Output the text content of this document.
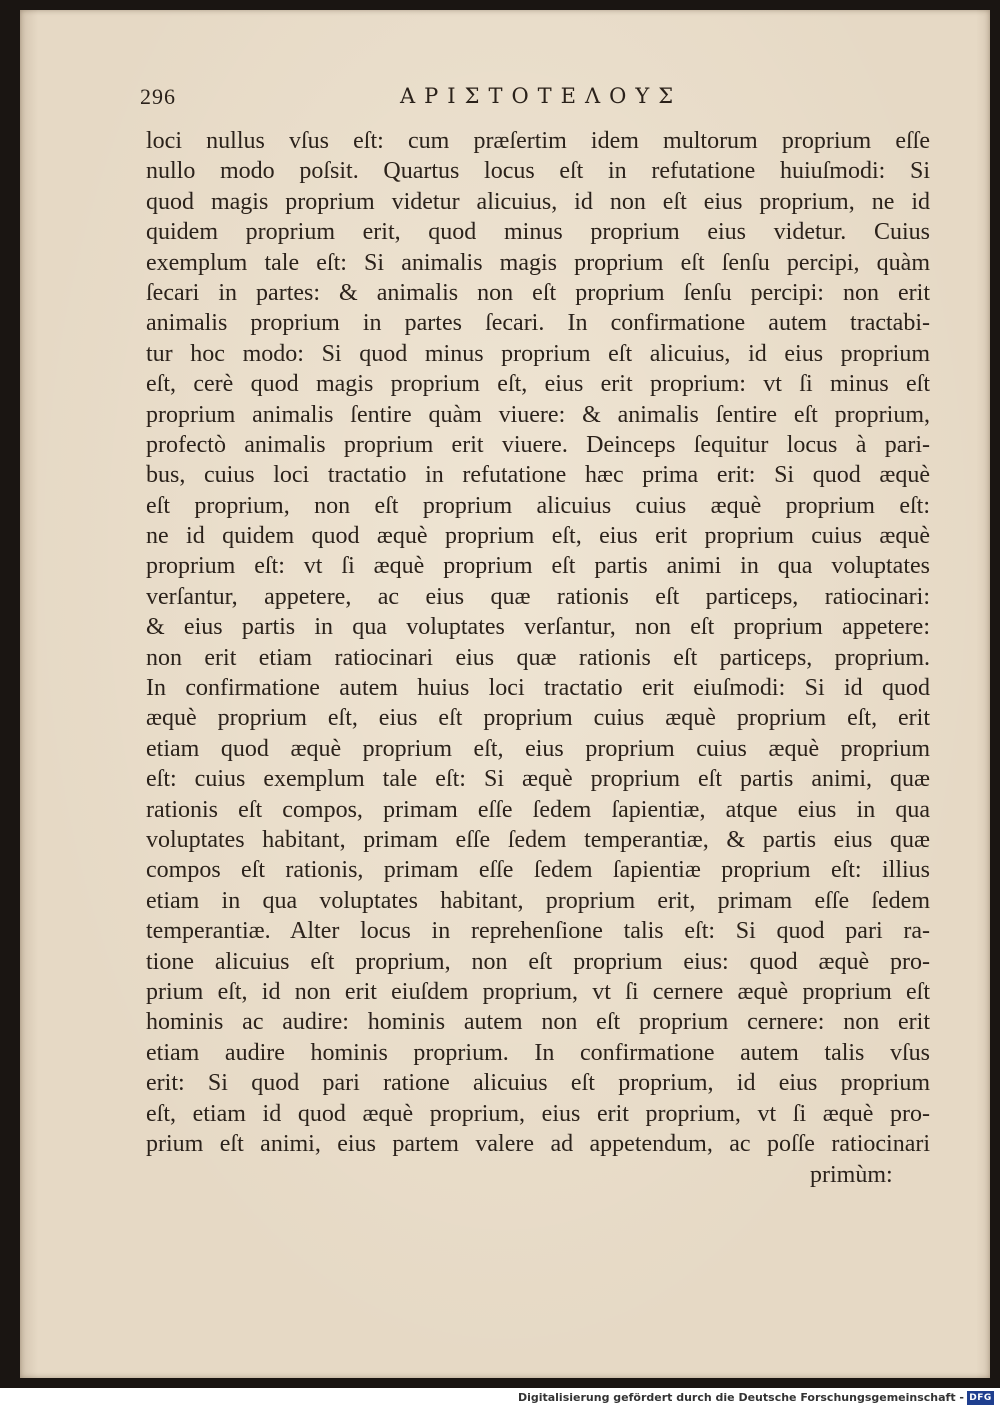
296	ΑΡΙΣΤΟΤΕΛΟΥΣ
loci nullus vſus eſt: cum præſertim idem multorum proprium eſſe
nullo modo poſsit. Quartus locus eſt in refutatione huiuſmodi: Si
quod magis proprium videtur alicuius, id non eſt eius proprium, ne id
quidem proprium erit, quod minus proprium eius videtur. Cuius
exemplum tale eſt: Si animalis magis proprium eſt ſenſu percipi, quàm
ſecari in partes: & animalis non eſt proprium ſenſu percipi: non erit
animalis proprium in partes ſecari. In confirmatione autem tractabi-
tur hoc modo: Si quod minus proprium eſt alicuius, id eius proprium
eſt, cerè quod magis proprium eſt, eius erit proprium: vt ſi minus eſt
proprium animalis ſentire quàm viuere: & animalis ſentire eſt proprium,
profectò animalis proprium erit viuere. Deinceps ſequitur locus à pari-
bus, cuius loci tractatio in refutatione hæc prima erit: Si quod æquè
eſt proprium, non eſt proprium alicuius cuius æquè proprium eſt:
ne id quidem quod æquè proprium eſt, eius erit proprium cuius æquè
proprium eſt: vt ſi æquè proprium eſt partis animi in qua voluptates
verſantur, appetere, ac eius quæ rationis eſt particeps, ratiocinari:
& eius partis in qua voluptates verſantur, non eſt proprium appetere:
non erit etiam ratiocinari eius quæ rationis eſt particeps, proprium.
In confirmatione autem huius loci tractatio erit eiuſmodi: Si id quod
æquè proprium eſt, eius eſt proprium cuius æquè proprium eſt, erit
etiam quod æquè proprium eſt, eius proprium cuius æquè proprium
eſt: cuius exemplum tale eſt: Si æquè proprium eſt partis animi, quæ
rationis eſt compos, primam eſſe ſedem ſapientiæ, atque eius in qua
voluptates habitant, primam eſſe ſedem temperantiæ, & partis eius quæ
compos eſt rationis, primam eſſe ſedem ſapientiæ proprium eſt: illius
etiam in qua voluptates habitant, proprium erit, primam eſſe ſedem
temperantiæ. Alter locus in reprehenſione talis eſt: Si quod pari ra-
tione alicuius eſt proprium, non eſt proprium eius: quod æquè pro-
prium eſt, id non erit eiuſdem proprium, vt ſi cernere æquè proprium eſt
hominis ac audire: hominis autem non eſt proprium cernere: non erit
etiam audire hominis proprium. In confirmatione autem talis vſus
erit: Si quod pari ratione alicuius eſt proprium, id eius proprium
eſt, etiam id quod æquè proprium, eius erit proprium, vt ſi æquè pro-
prium eſt animi, eius partem valere ad appetendum, ac poſſe ratiocinari
primùm:
Digitalisierung gefördert durch die Deutsche Forschungsgemeinschaft - DFG
